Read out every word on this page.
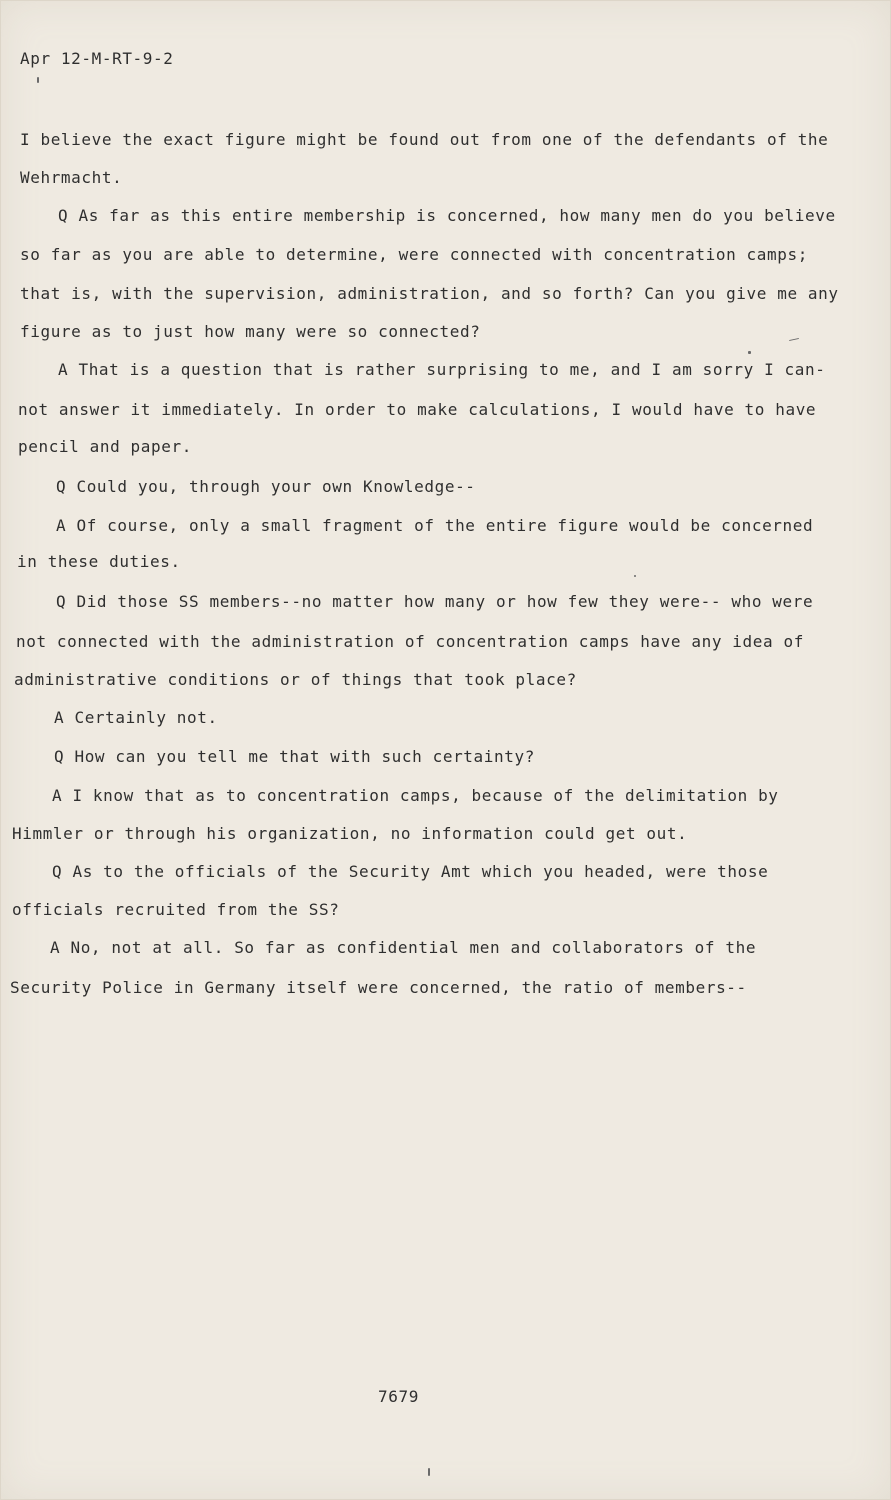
Apr 12-M-RT-9-2

I believe the exact figure might be found out from one of the defendants of the

Wehrmacht.

Q As far as this entire membership is concerned, how many men do you believe

so far as you are able to determine, were connected with concentration camps;

that is, with the supervision, administration, and so forth? Can you give me any

figure as to just how many were so connected?

A That is a question that is rather surprising to me, and I am sorry I can-

not answer it immediately. In order to make calculations, I would have to have

pencil and paper.

Q Could you, through your own Knowledge--

A Of course, only a small fragment of the entire figure would be concerned

in these duties.

Q Did those SS members--no matter how many or how few they were-- who were

not connected with the administration of concentration camps have any idea of

administrative conditions or of things that took place?

A Certainly not.

Q How can you tell me that with such certainty?

A I know that as to concentration camps, because of the delimitation by

Himmler or through his organization, no information could get out.

Q As to the officials of the Security Amt which you headed, were those

officials recruited from the SS?

A No, not at all. So far as confidential men and collaborators of the

Security Police in Germany itself were concerned, the ratio of members--

7679
